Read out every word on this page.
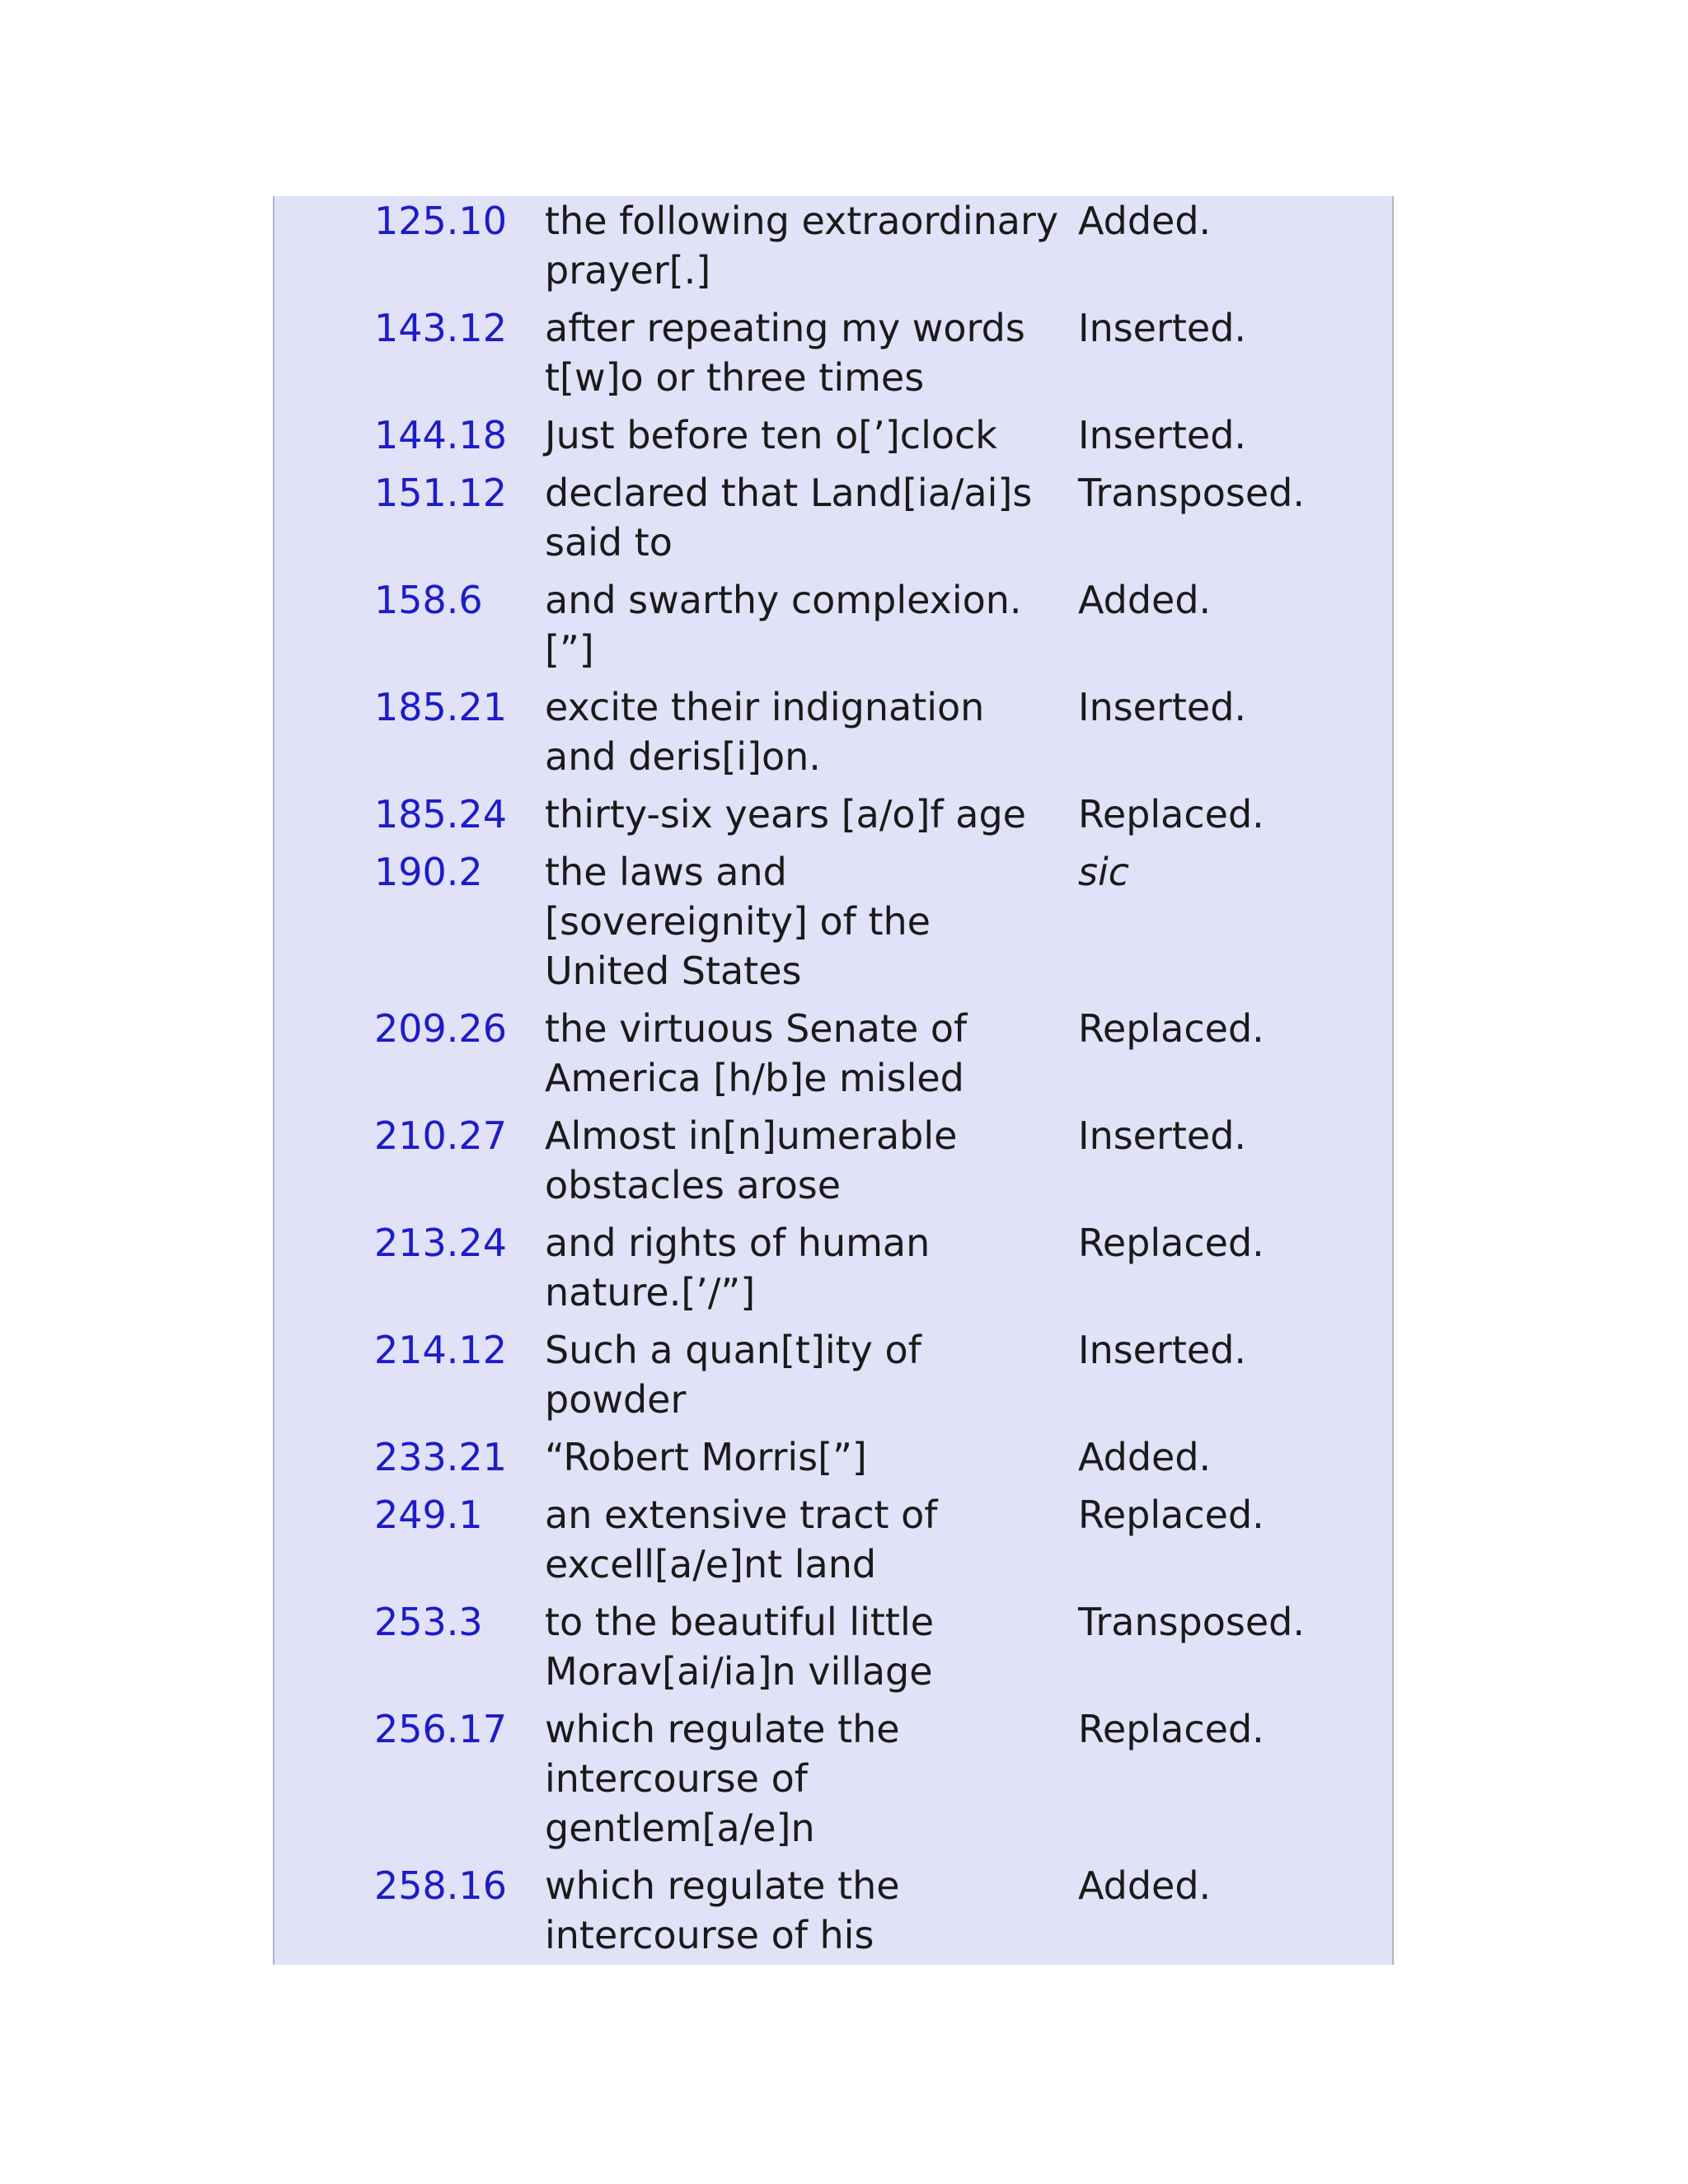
125.10 the following extraordinary
prayer[.]
Added.
143.12 after repeating my words
t[w]o or three times
Inserted.
144.18 Just before ten o[’]clock Inserted.
151.12 declared that Land[ia/ai]s
said to
Transposed.
158.6 and swarthy complexion.
[”]
Added.
185.21 excite their indignation
and deris[i]on.
Inserted.
185.24 thirty-six years [a/o]f age Replaced.
190.2 the laws and
[sovereignity] of the
United States
sic
209.26 the virtuous Senate of
America [h/b]e misled
Replaced.
210.27 Almost in[n]umerable
obstacles arose
Inserted.
213.24 and rights of human
nature.[’/”]
Replaced.
214.12 Such a quan[t]ity of
powder
Inserted.
233.21 “Robert Morris[”]	Added.
249.1 an extensive tract of
excell[a/e]nt land
Replaced.
253.3 to the beautiful little
Morav[ai/ia]n village
Transposed.
256.17 which regulate the
intercourse of
gentlem[a/e]n
Replaced.
258.16 which regulate the
intercourse of his
Added.
